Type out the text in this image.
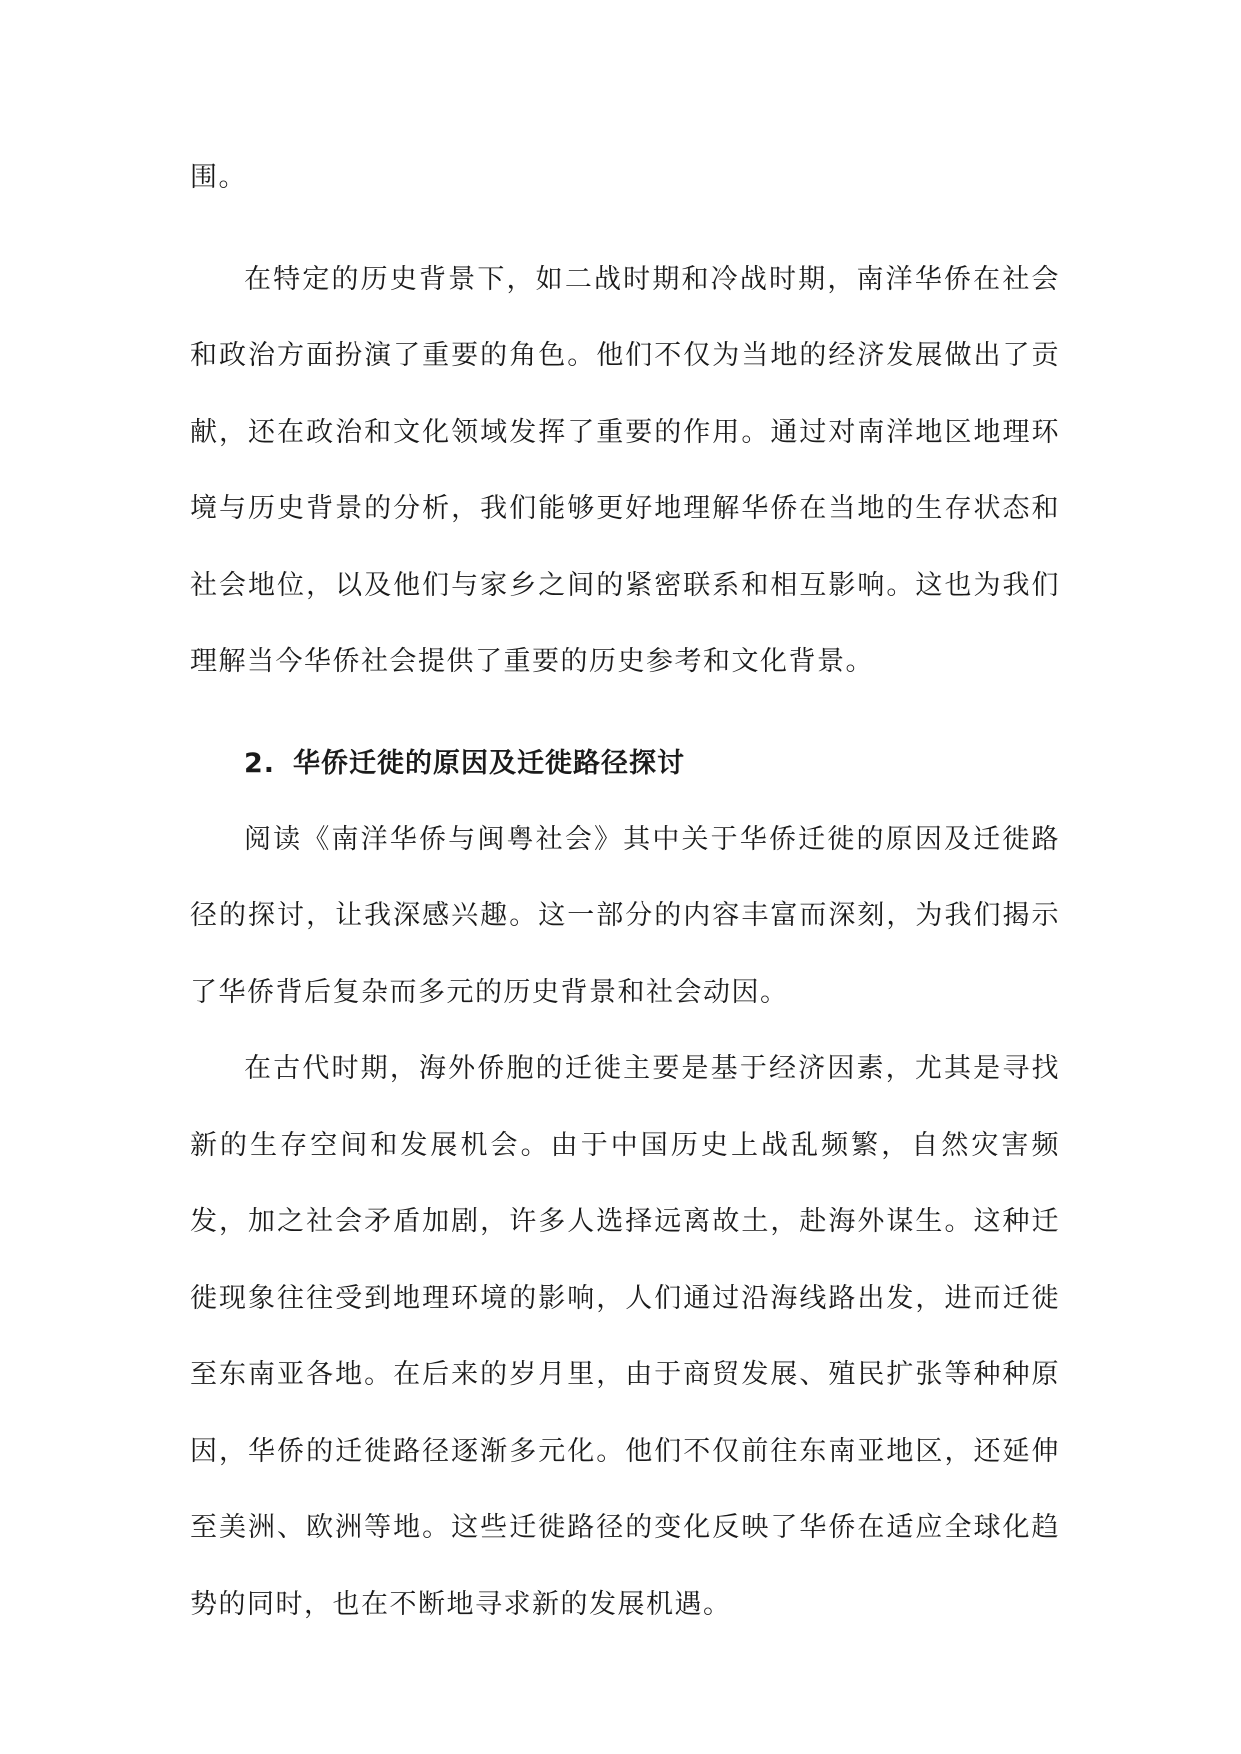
围。

在特定的历史背景下，如二战时期和冷战时期，南洋华侨在社会和政治方面扮演了重要的角色。他们不仅为当地的经济发展做出了贡献，还在政治和文化领域发挥了重要的作用。通过对南洋地区地理环境与历史背景的分析，我们能够更好地理解华侨在当地的生存状态和社会地位，以及他们与家乡之间的紧密联系和相互影响。这也为我们理解当今华侨社会提供了重要的历史参考和文化背景。

2. 华侨迁徙的原因及迁徙路径探讨

阅读《南洋华侨与闽粤社会》其中关于华侨迁徙的原因及迁徙路径的探讨，让我深感兴趣。这一部分的内容丰富而深刻，为我们揭示了华侨背后复杂而多元的历史背景和社会动因。

在古代时期，海外侨胞的迁徙主要是基于经济因素，尤其是寻找新的生存空间和发展机会。由于中国历史上战乱频繁，自然灾害频发，加之社会矛盾加剧，许多人选择远离故土，赴海外谋生。这种迁徙现象往往受到地理环境的影响，人们通过沿海线路出发，进而迁徙至东南亚各地。在后来的岁月里，由于商贸发展、殖民扩张等种种原因，华侨的迁徙路径逐渐多元化。他们不仅前往东南亚地区，还延伸至美洲、欧洲等地。这些迁徙路径的变化反映了华侨在适应全球化趋势的同时，也在不断地寻求新的发展机遇。
